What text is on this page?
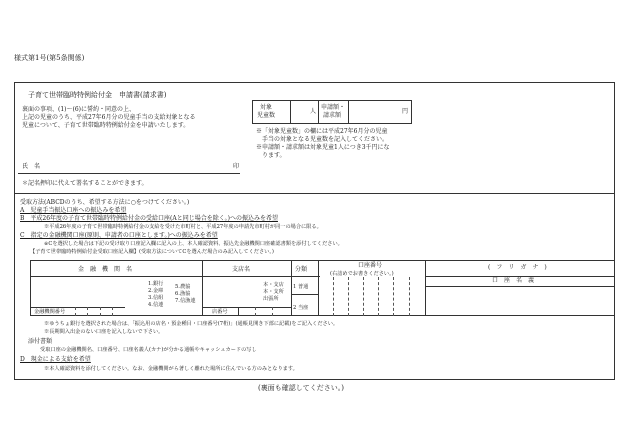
様式第1号(第5条関係)
子育て世帯臨時特例給付金　申請書(請求書)
裏面の事項、(1)～(6)に誓約・同意の上、
上記の児童のうち、平成27年6月分の児童手当の支給対象となる
児童について、子育て世帯臨時特例給付金を申請いたします。
対象
児童数
人
申請額・
請求額
円
※「対象児童数」の欄には平成27年6月分の児童
　手当の対象となる児童数を記入してください。
※申請額・請求額は対象児童1人につき3千円にな
　ります。
氏　名	印
＊記名押印に代えて署名することができます。
受取方法(ABCDのうち、希望する方法に○をつけてください。)
A　児童手当振込口座への振込みを希望
B　平成26年度の子育て世帯臨時特例給付金の受給口座(Aと同じ場合を除く。)への振込みを希望
※平成26年度の子育て世帯臨時特例給付金の支給を受けた市町村と、平成27年度の申請先市町村が同一の場合に限る。
C　指定の金融機関口座(原則、申請者の口座とします。)への振込みを希望
※Cを選択した場合は下記の受け取り口座記入欄に記入の上、本人確認資料、振込先金融機関口座確認書類を添付してください。
【子育て世帯臨時特例給付金受取口座記入欄】(受取方法についてCを選んだ場合のみ記入してください。)
金　融　機　関　名	支店名	分類
口座番号
(右詰めでお書きください。)
(　フ　リ　ガ　ナ　)
口　座　名　義
1.銀行
2.金庫
3.信組
4.信連
5.農協
6.漁協
7.信漁連
本・支店
本・支所
出張所
1 普通
2 当座
金融機関番号	店番号
※ゆうちょ銀行を選択された場合は、「振込用の店名・預金種目・口座番号(7桁)」(通帳見開き下部に記載)をご記入ください。
※長期間入出金のない口座を記入しないで下さい。
添付書類
受取口座の金融機関名、口座番号、口座名義人(カナ)が分かる通帳やキャッシュカードの写し
D　現金による支給を希望
※本人確認資料を添付してください。なお、金融機関がら著しく離れた場所に住んでいる方のみとなります。
(裏面も確認してください。)
